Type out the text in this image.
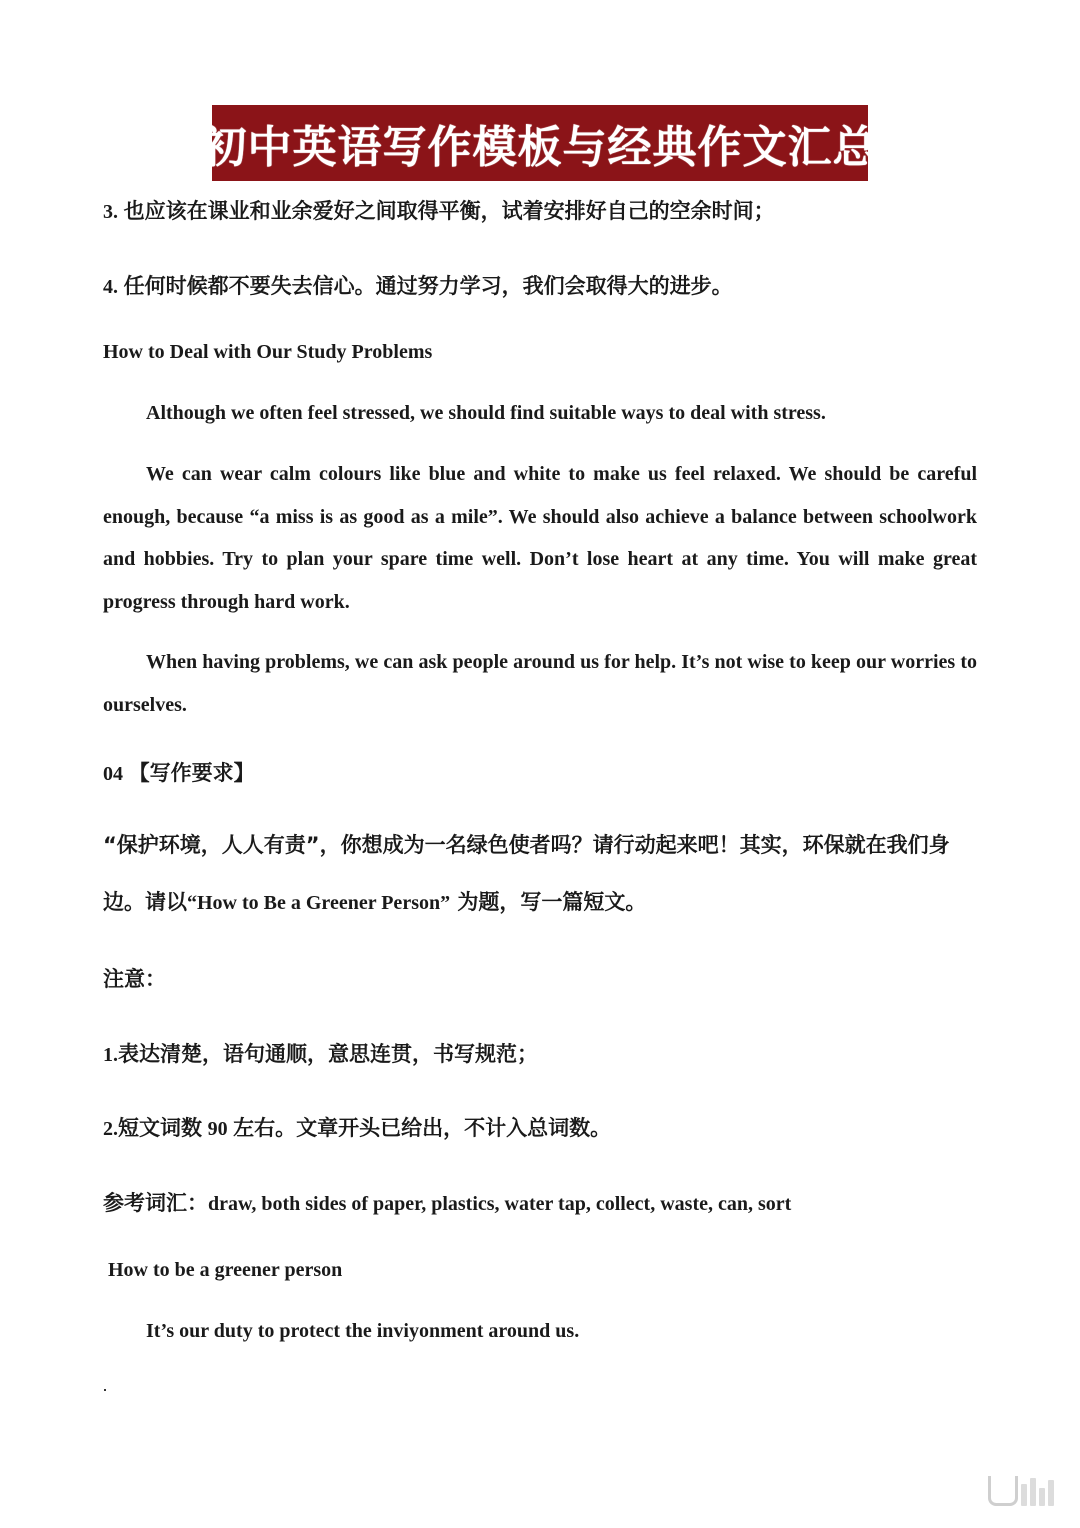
初中英语写作模板与经典作文汇总
3. 也应该在课业和业余爱好之间取得平衡，试着安排好自己的空余时间；
4. 任何时候都不要失去信心。通过努力学习，我们会取得大的进步。
How to Deal with Our Study Problems
Although we often feel stressed, we should find suitable ways to deal with stress.
We can wear calm colours like blue and white to make us feel relaxed. We should be careful enough, because “a miss is as good as a mile”. We should also achieve a balance between schoolwork and hobbies. Try to plan your spare time well. Don’t lose heart at any time. You will make great progress through hard work.
When having problems, we can ask people around us for help. It’s not wise to keep our worries to ourselves.
04 【写作要求】
“保护环境，人人有责”，你想成为一名绿色使者吗？请行动起来吧！其实，环保就在我们身边。请以“How to Be a Greener Person” 为题，写一篇短文。
注意：
1.表达清楚，语句通顺，意思连贯，书写规范；
2.短文词数 90 左右。文章开头已给出，不计入总词数。
参考词汇：draw, both sides of paper, plastics, water tap, collect, waste, can, sort
How to be a greener person
It’s our duty to protect the inviyonment around us.
